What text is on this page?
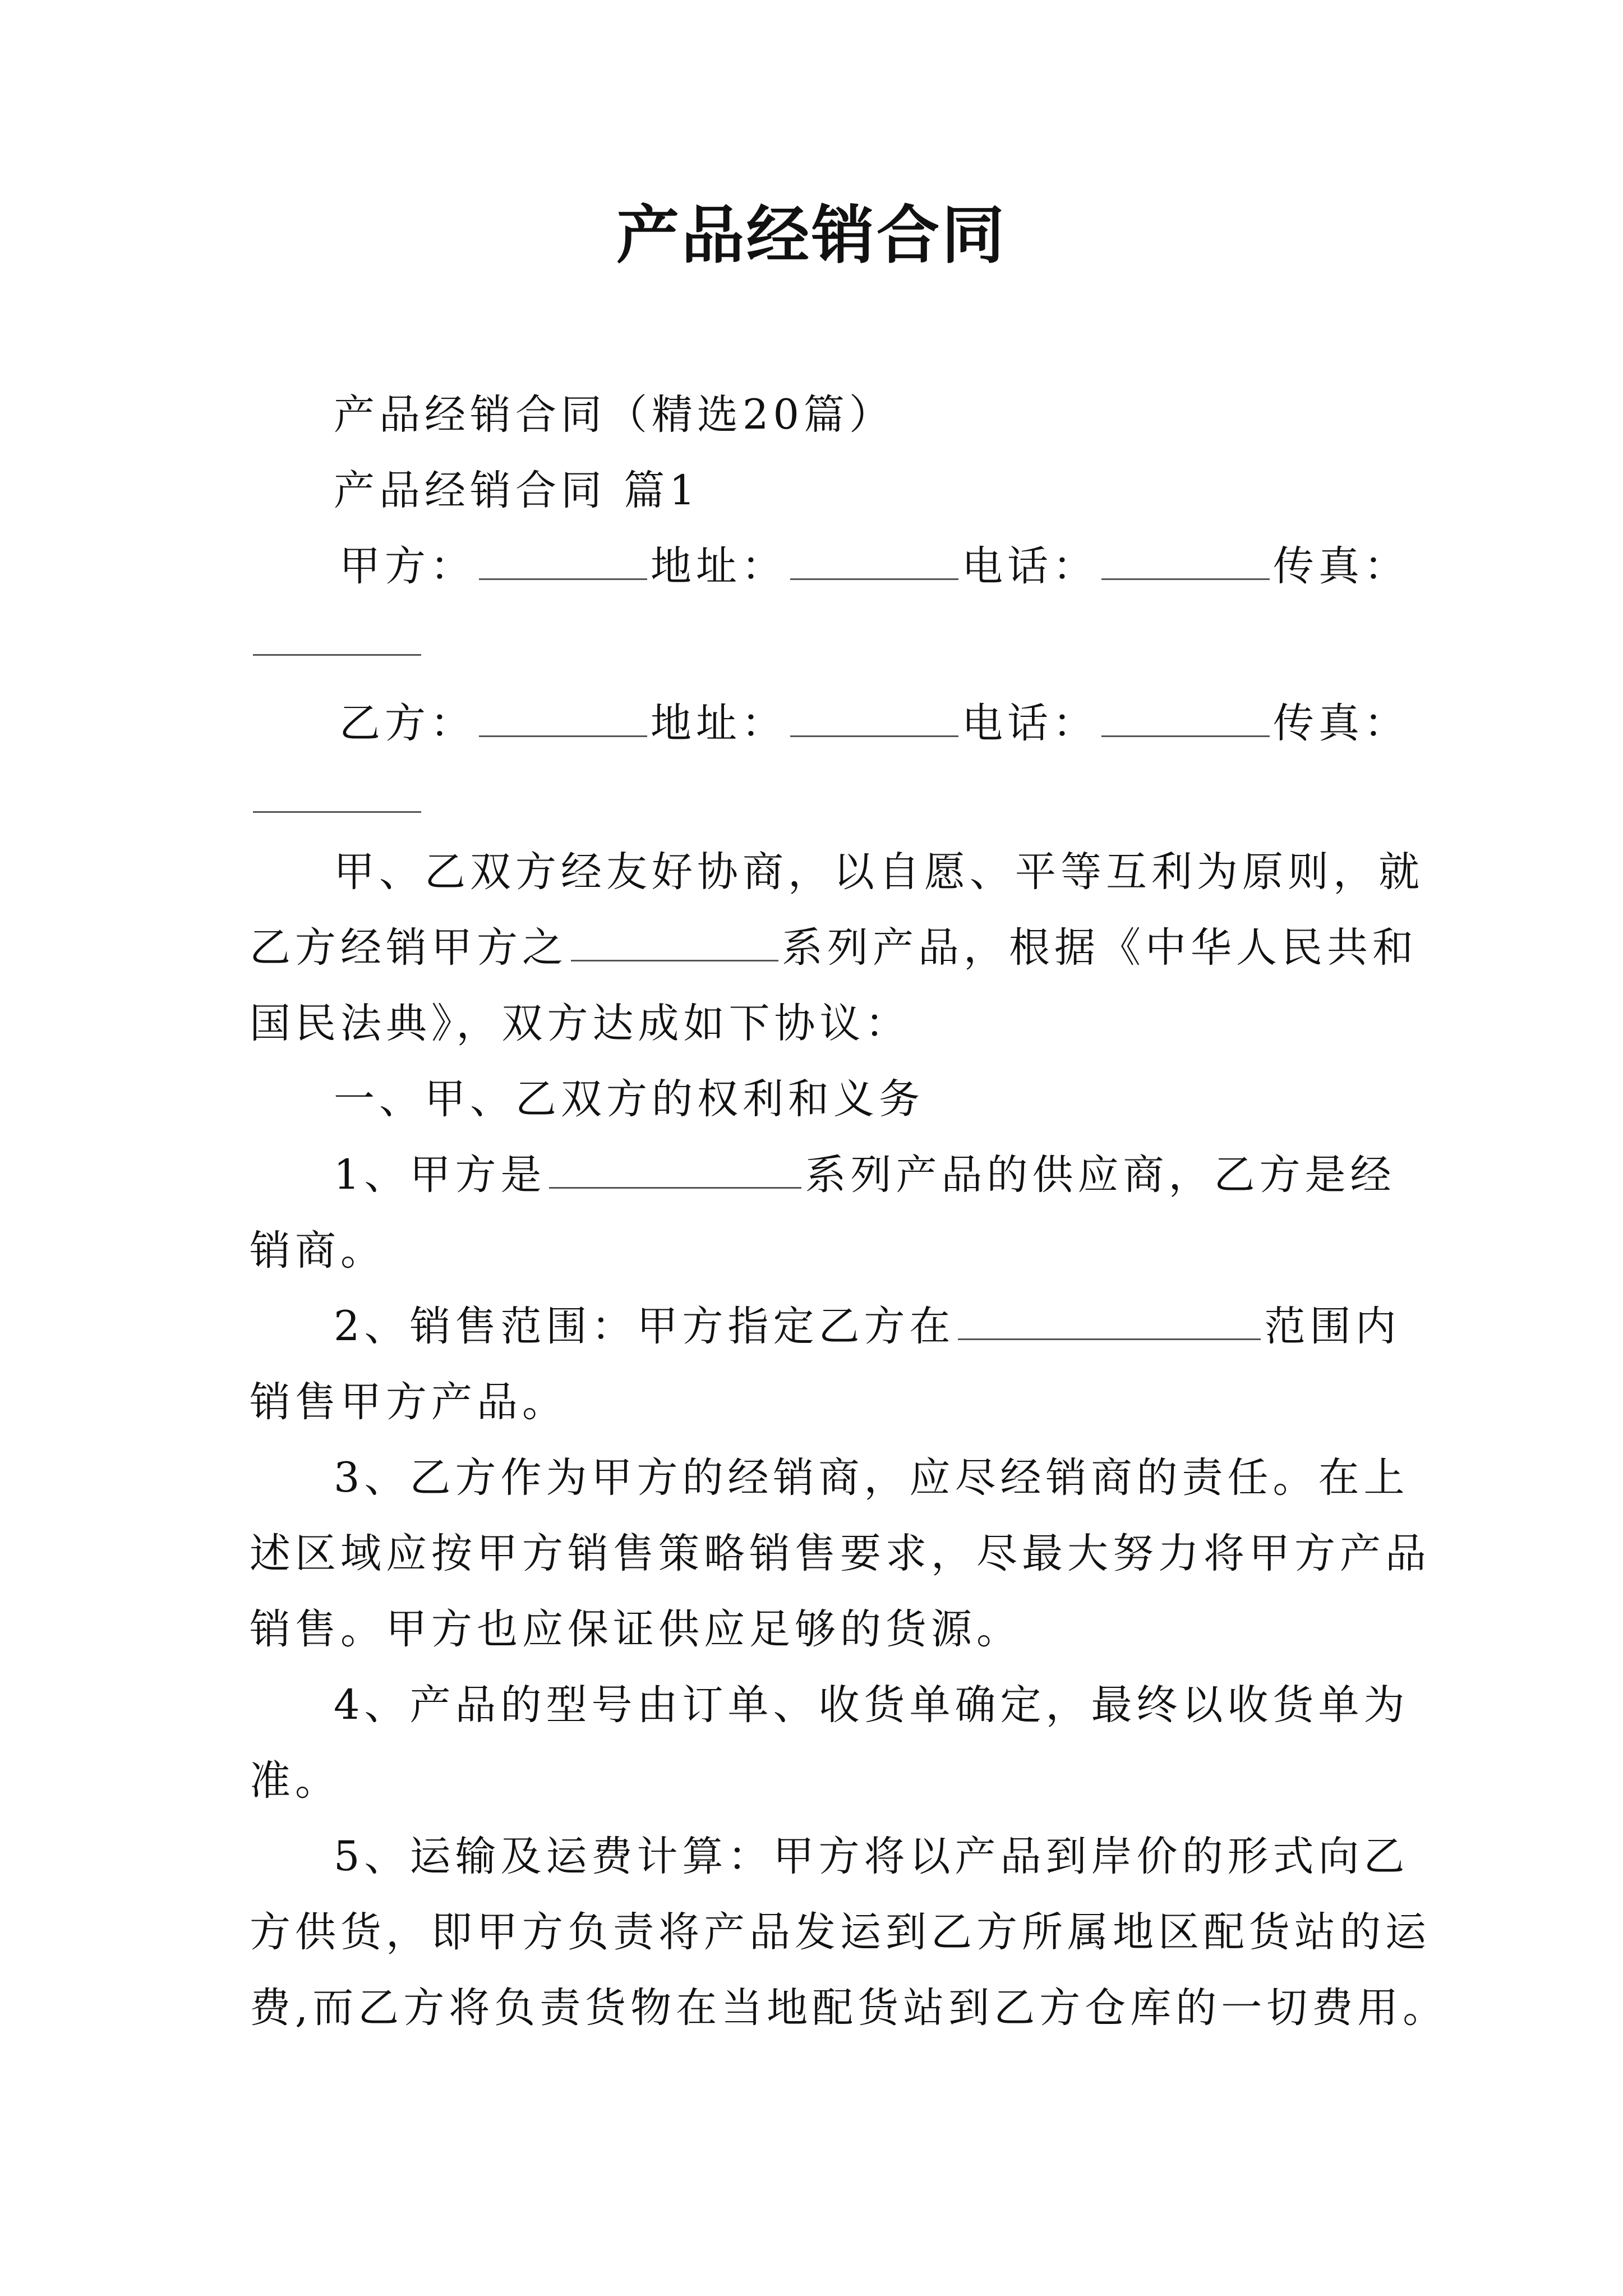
产品经销合同
产品经销合同（精选20篇）
产品经销合同 篇1
甲方：	地址：	电话：	传真：
乙方：	地址：	电话：	传真：
甲、乙双方经友好协商，以自愿、平等互利为原则，就
乙方经销甲方之	系列产品，根据《中华人民共和
国民法典》，双方达成如下协议：
一、甲、乙双方的权利和义务
1、甲方是	系列产品的供应商，乙方是经
销商。
2、销售范围：甲方指定乙方在	范围内
销售甲方产品。
3、乙方作为甲方的经销商，应尽经销商的责任。在上
述区域应按甲方销售策略销售要求，尽最大努力将甲方产品
销售。甲方也应保证供应足够的货源。
4、产品的型号由订单、收货单确定，最终以收货单为
准。
5、运输及运费计算：甲方将以产品到岸价的形式向乙
方供货，即甲方负责将产品发运到乙方所属地区配货站的运
费,而乙方将负责货物在当地配货站到乙方仓库的一切费用。
